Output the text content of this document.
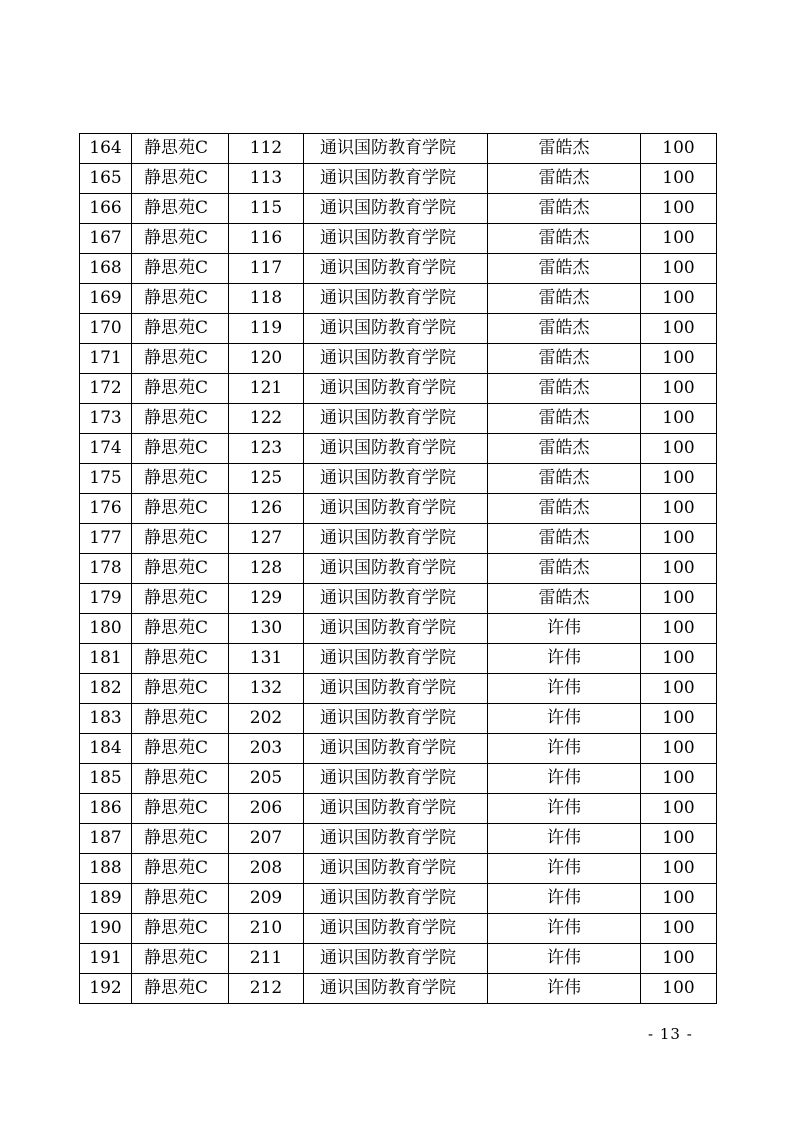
164	静思苑C	112	通识国防教育学院	雷皓杰	100
165	静思苑C	113	通识国防教育学院	雷皓杰	100
166	静思苑C	115	通识国防教育学院	雷皓杰	100
167	静思苑C	116	通识国防教育学院	雷皓杰	100
168	静思苑C	117	通识国防教育学院	雷皓杰	100
169	静思苑C	118	通识国防教育学院	雷皓杰	100
170	静思苑C	119	通识国防教育学院	雷皓杰	100
171	静思苑C	120	通识国防教育学院	雷皓杰	100
172	静思苑C	121	通识国防教育学院	雷皓杰	100
173	静思苑C	122	通识国防教育学院	雷皓杰	100
174	静思苑C	123	通识国防教育学院	雷皓杰	100
175	静思苑C	125	通识国防教育学院	雷皓杰	100
176	静思苑C	126	通识国防教育学院	雷皓杰	100
177	静思苑C	127	通识国防教育学院	雷皓杰	100
178	静思苑C	128	通识国防教育学院	雷皓杰	100
179	静思苑C	129	通识国防教育学院	雷皓杰	100
180	静思苑C	130	通识国防教育学院	许伟	100
181	静思苑C	131	通识国防教育学院	许伟	100
182	静思苑C	132	通识国防教育学院	许伟	100
183	静思苑C	202	通识国防教育学院	许伟	100
184	静思苑C	203	通识国防教育学院	许伟	100
185	静思苑C	205	通识国防教育学院	许伟	100
186	静思苑C	206	通识国防教育学院	许伟	100
187	静思苑C	207	通识国防教育学院	许伟	100
188	静思苑C	208	通识国防教育学院	许伟	100
189	静思苑C	209	通识国防教育学院	许伟	100
190	静思苑C	210	通识国防教育学院	许伟	100
191	静思苑C	211	通识国防教育学院	许伟	100
192	静思苑C	212	通识国防教育学院	许伟	100
- 13 -
